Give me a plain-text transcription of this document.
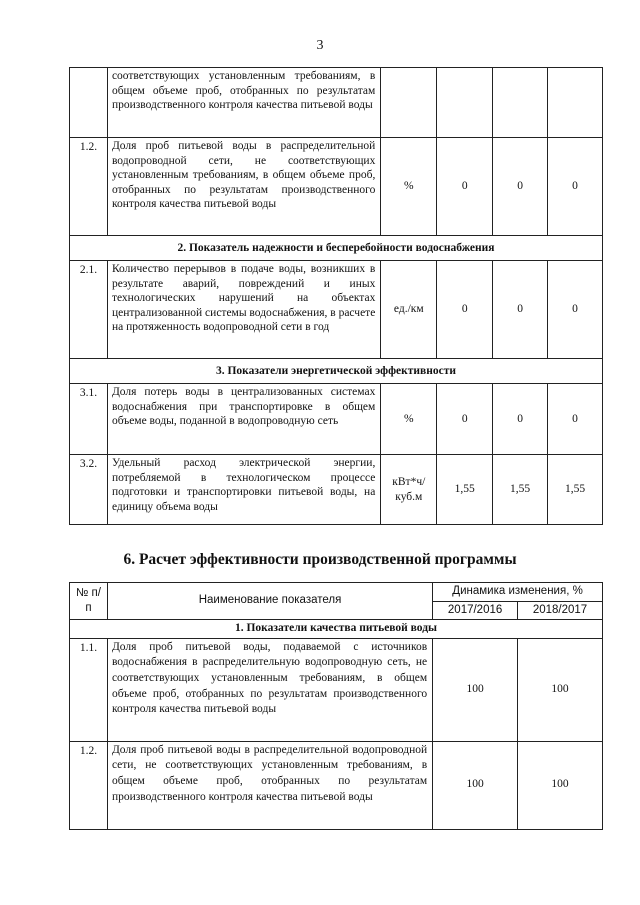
3
	соответствующих установленным требованиям, в общем объеме проб, отобранных по результатам производственного контроля качества питьевой воды				
1.2.	Доля проб питьевой воды в распределительной водопроводной сети, не соответствующих установленным требованиям, в общем объеме проб, отобранных по результатам производственного контроля качества питьевой воды	%	0	0	0
2. Показатель надежности и бесперебойности водоснабжения					
2.1.	Количество перерывов в подаче воды, возникших в результате аварий, повреждений и иных технологических нарушений на объектах централизованной системы водоснабжения, в расчете на протяженность водопроводной сети в год	ед./км	0	0	0
3. Показатели энергетической эффективности					
3.1.	Доля потерь воды в централизованных системах водоснабжения при транспортировке в общем объеме воды, поданной в водопроводную сеть	%	0	0	0
3.2.	Удельный расход электрической энергии, потребляемой в технологическом процессе подготовки и транспортировки питьевой воды, на единицу объема воды	кВт*ч/ куб.м	1,55	1,55	1,55
6. Расчет эффективности производственной программы
№ п/п	Наименование показателя	Динамика изменения, %	
		2017/2016	2018/2017
1. Показатели качества питьевой воды			
1.1.	Доля проб питьевой воды, подаваемой с источников водоснабжения в распределительную водопроводную сеть, не соответствующих установленным требованиям, в общем объеме проб, отобранных по результатам производственного контроля качества питьевой воды	100	100
1.2.	Доля проб питьевой воды в распределительной водопроводной сети, не соответствующих установленным требованиям, в общем объеме проб, отобранных по результатам производственного контроля качества питьевой воды	100	100
